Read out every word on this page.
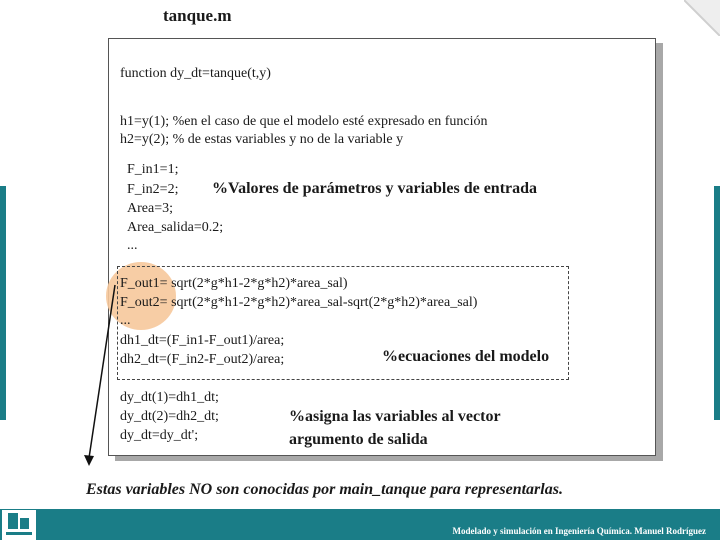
tanque.m
function dy_dt=tanque(t,y)
h1=y(1); %en el caso de que el modelo esté expresado en función
h2=y(2); % de estas variables y no de la variable y
F_in1=1;
F_in2=2;
Area=3;
Area_salida=0.2;
...
F_out1= sqrt(2*g*h1-2*g*h2)*area_sal)
F_out2= sqrt(2*g*h1-2*g*h2)*area_sal-sqrt(2*g*h2)*area_sal)
...
dh1_dt=(F_in1-F_out1)/area;
dh2_dt=(F_in2-F_out2)/area;
dy_dt(1)=dh1_dt;
dy_dt(2)=dh2_dt;
dy_dt=dy_dt';
%Valores de parámetros y variables de entrada
%ecuaciones del modelo
%asigna las variables al vector
argumento de salida
Estas variables NO son conocidas por main_tanque para representarlas.
Modelado y simulación en Ingeniería Química. Manuel Rodríguez
